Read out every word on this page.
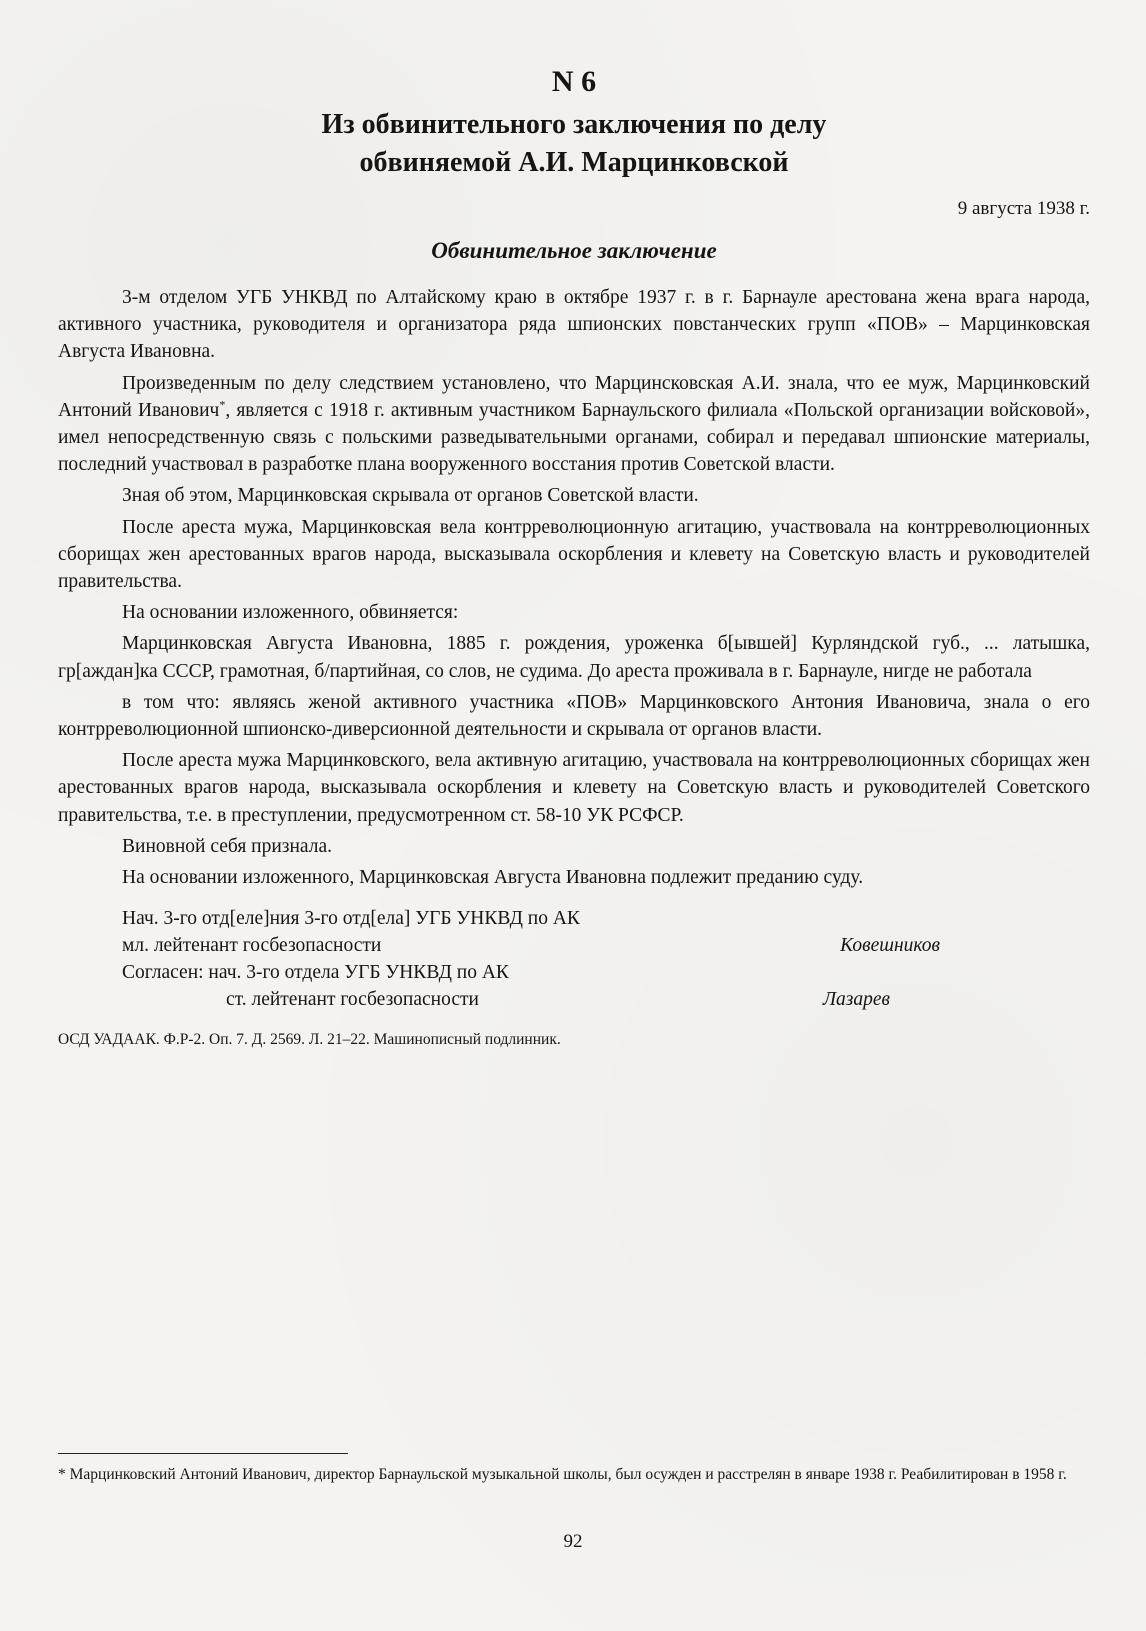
N 6
Из обвинительного заключения по делу
обвиняемой А.И. Марцинковской
9 августа 1938 г.
Обвинительное заключение

3-м отделом УГБ УНКВД по Алтайскому краю в октябре 1937 г. в г. Барнауле арестована жена врага народа, активного участника, руководителя и организатора ряда шпионских повстанческих групп «ПОВ» – Марцинковская Августа Ивановна.

Произведенным по делу следствием установлено, что Марцинсковская А.И. знала, что ее муж, Марцинковский Антоний Иванович*, является с 1918 г. активным участником Барнаульского филиала «Польской организации войсковой», имел непосредственную связь с польскими разведывательными органами, собирал и передавал шпионские материалы, последний участвовал в разработке плана вооруженного восстания против Советской власти.

Зная об этом, Марцинковская скрывала от органов Советской власти.

После ареста мужа, Марцинковская вела контрреволюционную агитацию, участвовала на контрреволюционных сборищах жен арестованных врагов народа, высказывала оскорбления и клевету на Советскую власть и руководителей правительства.

На основании изложенного, обвиняется:

Марцинковская Августа Ивановна, 1885 г. рождения, уроженка б[ывшей] Курляндской губ., ... латышка, гр[аждан]ка СССР, грамотная, б/партийная, со слов, не судима. До ареста проживала в г. Барнауле, нигде не работала

в том что: являясь женой активного участника «ПОВ» Марцинковского Антония Ивановича, знала о его контрреволюционной шпионско-диверсионной деятельности и скрывала от органов власти.

После ареста мужа Марцинковского, вела активную агитацию, участвовала на контрреволюционных сборищах жен арестованных врагов народа, высказывала оскорбления и клевету на Советскую власть и руководителей Советского правительства, т.е. в преступлении, предусмотренном ст. 58-10 УК РСФСР.

Виновной себя признала.

На основании изложенного, Марцинковская Августа Ивановна подлежит преданию суду.

Нач. 3-го отд[еле]ния 3-го отд[ела] УГБ УНКВД по АК
мл. лейтенант госбезопасности	Ковешников
Согласен: нач. 3-го отдела УГБ УНКВД по АК
ст. лейтенант госбезопасности	Лазарев
ОСД УАДААК. Ф.Р-2. Оп. 7. Д. 2569. Л. 21–22. Машинописный подлинник.
* Марцинковский Антоний Иванович, директор Барнаульской музыкальной школы, был осужден и расстрелян в январе 1938 г. Реабилитирован в 1958 г.
92
